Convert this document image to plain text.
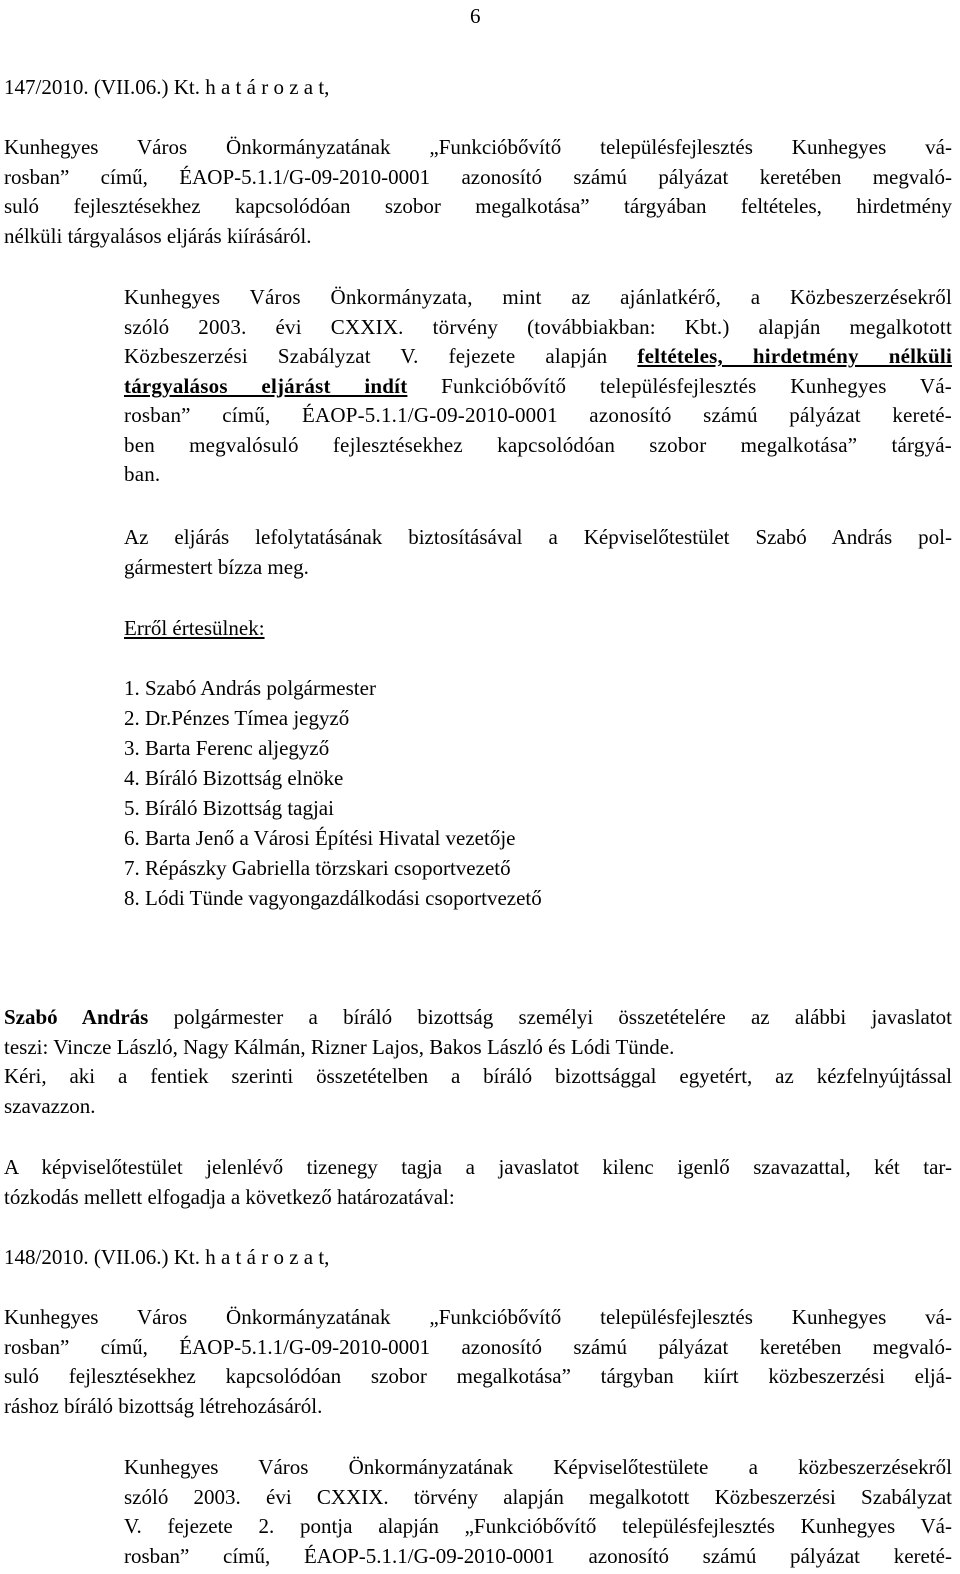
6
147/2010. (VII.06.) Kt. h a t á r o z a t,
Kunhegyes Város Önkormányzatának „Funkcióbővítő településfejlesztés Kunhegyes vá-
rosban” című, ÉAOP-5.1.1/G-09-2010-0001 azonosító számú pályázat keretében megvaló-
suló fejlesztésekhez kapcsolódóan szobor megalkotása” tárgyában feltételes, hirdetmény
nélküli tárgyalásos eljárás kiírásáról.
Kunhegyes Város Önkormányzata, mint az ajánlatkérő, a Közbeszerzésekről
szóló 2003. évi CXXIX. törvény (továbbiakban: Kbt.) alapján megalkotott
Közbeszerzési Szabályzat V. fejezete alapján feltételes, hirdetmény nélküli
tárgyalásos eljárást indít Funkcióbővítő településfejlesztés Kunhegyes Vá-
rosban” című, ÉAOP-5.1.1/G-09-2010-0001 azonosító számú pályázat kereté-
ben megvalósuló fejlesztésekhez kapcsolódóan szobor megalkotása” tárgyá-
ban.
Az eljárás lefolytatásának biztosításával a Képviselőtestület Szabó András pol-
gármestert bízza meg.
Erről értesülnek:
1. Szabó András polgármester
2. Dr.Pénzes Tímea jegyző
3. Barta Ferenc aljegyző
4. Bíráló Bizottság elnöke
5. Bíráló Bizottság tagjai
6. Barta Jenő a Városi Építési Hivatal vezetője
7. Répászky Gabriella törzskari csoportvezető
8. Lódi Tünde vagyongazdálkodási csoportvezető
Szabó András polgármester a bíráló bizottság személyi összetételére az alábbi javaslatot
teszi: Vincze László, Nagy Kálmán, Rizner Lajos, Bakos László és Lódi Tünde.
Kéri, aki a fentiek szerinti összetételben a bíráló bizottsággal egyetért, az kézfelnyújtással
szavazzon.
A képviselőtestület jelenlévő tizenegy tagja a javaslatot kilenc igenlő szavazattal, két tar-
tózkodás mellett elfogadja a következő határozatával:
148/2010. (VII.06.) Kt. h a t á r o z a t,
Kunhegyes Város Önkormányzatának „Funkcióbővítő településfejlesztés Kunhegyes vá-
rosban” című, ÉAOP-5.1.1/G-09-2010-0001 azonosító számú pályázat keretében megvaló-
suló fejlesztésekhez kapcsolódóan szobor megalkotása” tárgyban kiírt közbeszerzési eljá-
ráshoz bíráló bizottság létrehozásáról.
Kunhegyes Város Önkormányzatának Képviselőtestülete a közbeszerzésekről
szóló 2003. évi CXXIX. törvény alapján megalkotott Közbeszerzési Szabályzat
V. fejezete 2. pontja alapján „Funkcióbővítő településfejlesztés Kunhegyes Vá-
rosban” című, ÉAOP-5.1.1/G-09-2010-0001 azonosító számú pályázat kereté-
